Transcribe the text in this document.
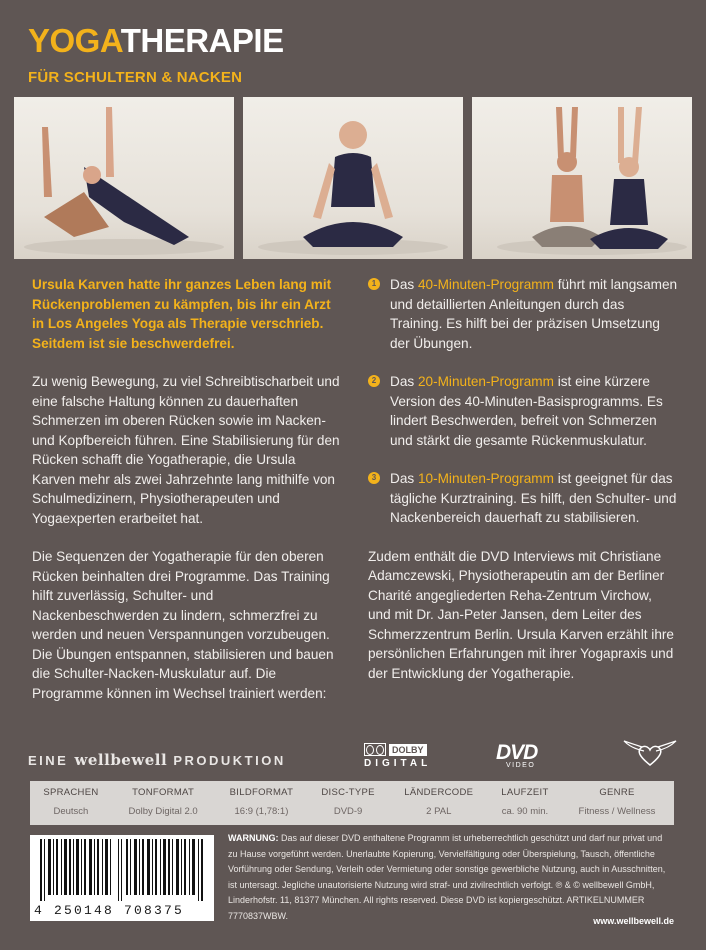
YOGATHERAPIE
FÜR SCHULTERN & NACKEN

Ursula Karven hatte ihr ganzes Leben lang mit Rückenproblemen zu kämpfen, bis ihr ein Arzt in Los Angeles Yoga als Therapie verschrieb. Seitdem ist sie beschwerdefrei.

Zu wenig Bewegung, zu viel Schreibtischarbeit und eine falsche Haltung können zu dauerhaften Schmerzen im oberen Rücken sowie im Nacken- und Kopfbereich führen. Eine Stabilisierung für den Rücken schafft die Yogatherapie, die Ursula Karven mehr als zwei Jahrzehnte lang mithilfe von Schulmedizinern, Physiotherapeuten und Yogaexperten erarbeitet hat.

Die Sequenzen der Yogatherapie für den oberen Rücken beinhalten drei Programme. Das Training hilft zuverlässig, Schulter- und Nackenbeschwerden zu lindern, schmerzfrei zu werden und neuen Verspannungen vorzubeugen. Die Übungen entspannen, stabilisieren und bauen die Schulter-Nacken-Muskulatur auf. Die Programme können im Wechsel trainiert werden:

1 Das 40-Minuten-Programm führt mit langsamen und detaillierten Anleitungen durch das Training. Es hilft bei der präzisen Umsetzung der Übungen.
2 Das 20-Minuten-Programm ist eine kürzere Version des 40-Minuten-Basisprogramms. Es lindert Beschwerden, befreit von Schmerzen und stärkt die gesamte Rückenmuskulatur.
3 Das 10-Minuten-Programm ist geeignet für das tägliche Kurztraining. Es hilft, den Schulter- und Nackenbereich dauerhaft zu stabilisieren.

Zudem enthält die DVD Interviews mit Christiane Adamczewski, Physiotherapeutin am der Berliner Charité angegliederten Reha-Zentrum Virchow, und mit Dr. Jan-Peter Jansen, dem Leiter des Schmerzzentrum Berlin. Ursula Karven erzählt ihre persönlichen Erfahrungen mit ihrer Yogapraxis und der Entwicklung der Yogatherapie.

EINE wellbewell PRODUKTION
DOLBY
DIGITAL	DVD
VIDEO
SPRACHEN	TONFORMAT	BILDFORMAT	DISC-TYPE	LÄNDERCODE	LAUFZEIT	GENRE
Deutsch	Dolby Digital 2.0	16:9 (1,78:1)	DVD-9	2 PAL	ca. 90 min.	Fitness / Wellness
4 250148 708375

WARNUNG: Das auf dieser DVD enthaltene Programm ist urheberrechtlich geschützt und darf nur privat und zu Hause vorgeführt werden. Unerlaubte Kopierung, Vervielfältigung oder Überspielung, Tausch, öffentliche Vorführung oder Sendung, Verleih oder Vermietung oder sonstige gewerbliche Nutzung, auch in Ausschnitten, ist untersagt. Jegliche unautorisierte Nutzung wird straf- und zivilrechtlich verfolgt. ℗ & © wellbewell GmbH, Linderhofstr. 11, 81377 München. All rights reserved. Diese DVD ist kopiergeschützt. ARTIKELNUMMER 7770837WBW.

www.wellbewell.de
